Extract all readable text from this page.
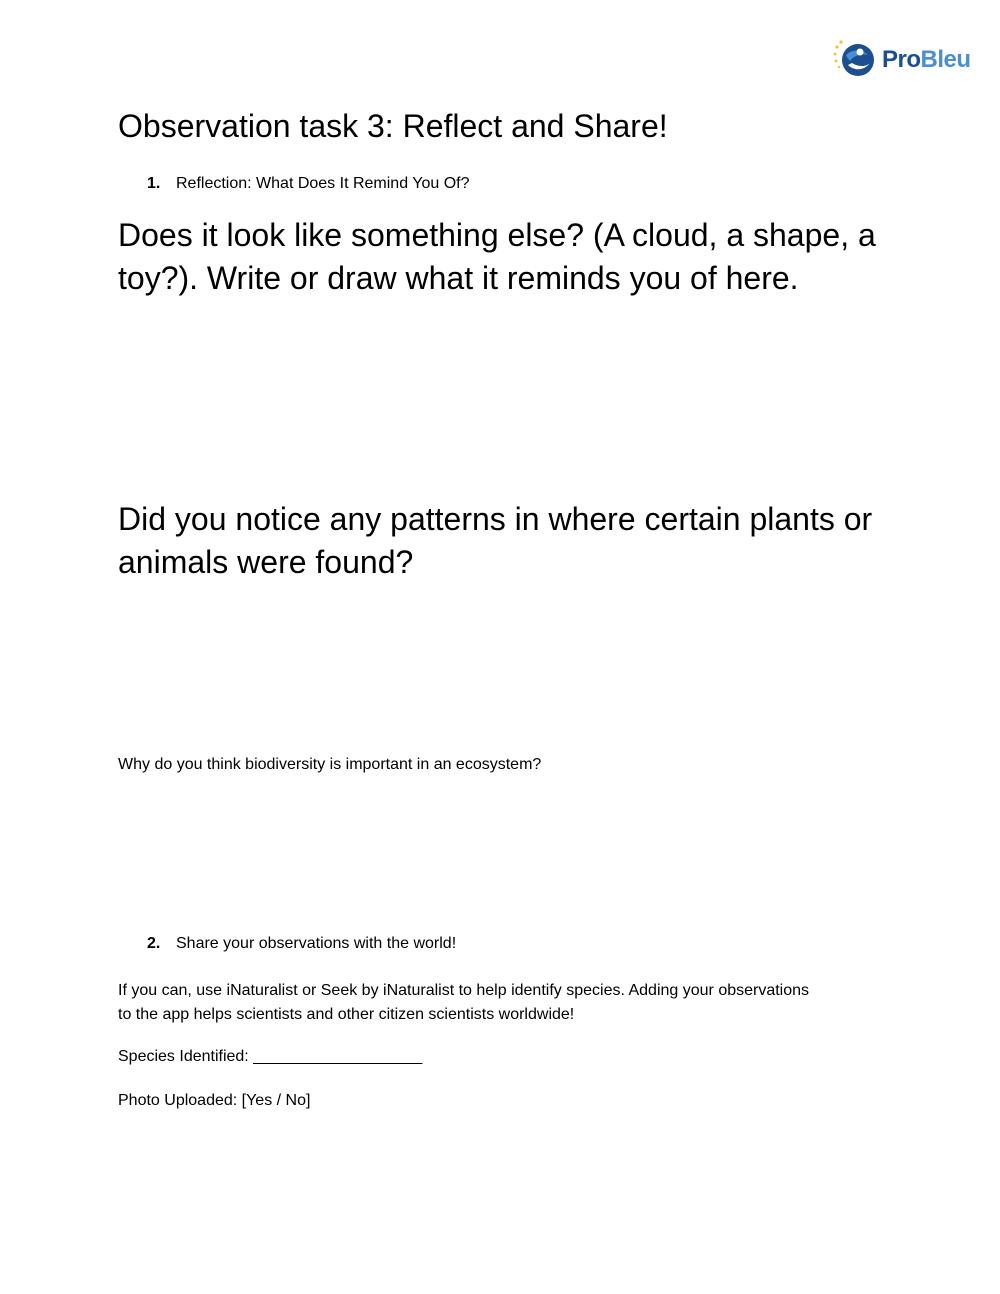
ProBleu
Observation task 3: Reflect and Share!
1. Reflection: What Does It Remind You Of?
Does it look like something else? (A cloud, a shape, a toy?). Write or draw what it reminds you of here.
Did you notice any patterns in where certain plants or animals were found?
Why do you think biodiversity is important in an ecosystem?
2. Share your observations with the world!
If you can, use iNaturalist or Seek by iNaturalist to help identify species. Adding your observations to the app helps scientists and other citizen scientists worldwide!
Species Identified: ___________________
Photo Uploaded: [Yes / No]
